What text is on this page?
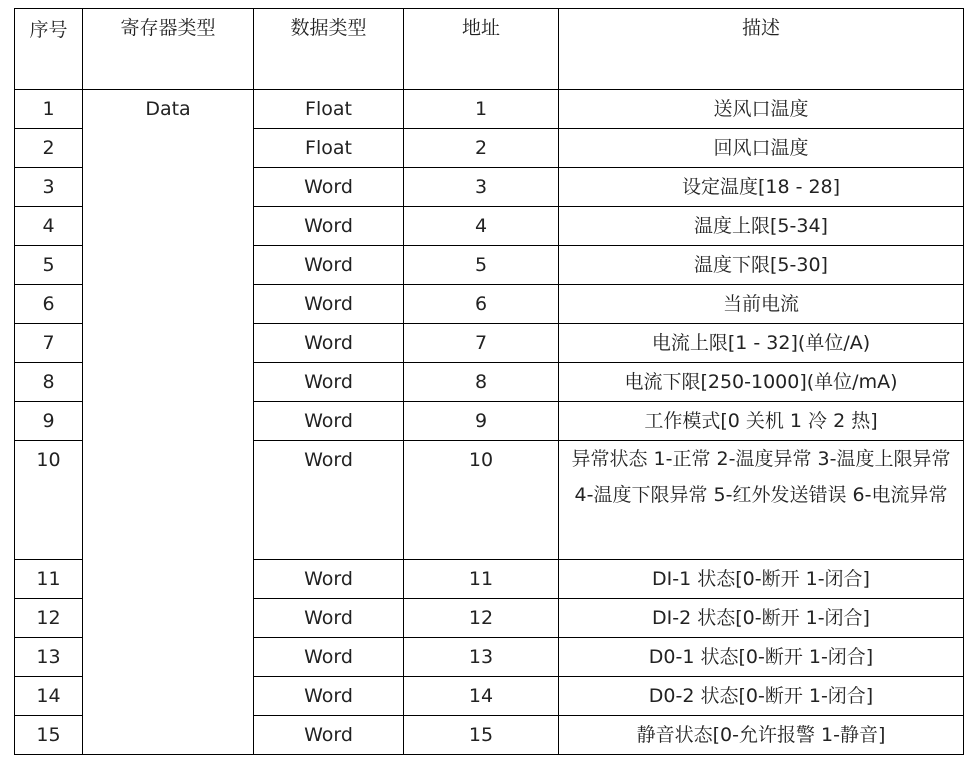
序号	寄存器类型	数据类型	地址	描述
1	Data	Float	1	送风口温度
2		Float	2	回风口温度
3		Word	3	设定温度[18 - 28]
4		Word	4	温度上限[5-34]
5		Word	5	温度下限[5-30]
6		Word	6	当前电流
7		Word	7	电流上限[1 - 32](单位/A)
8		Word	8	电流下限[250-1000](单位/mA)
9		Word	9	工作模式[0 关机 1 冷 2 热]
10		Word	10	异常状态 1-正常 2-温度异常 3-温度上限异常 4-温度下限异常 5-红外发送错误 6-电流异常
11		Word	11	DI-1 状态[0-断开 1-闭合]
12		Word	12	DI-2 状态[0-断开 1-闭合]
13		Word	13	D0-1 状态[0-断开 1-闭合]
14		Word	14	D0-2 状态[0-断开 1-闭合]
15		Word	15	静音状态[0-允许报警 1-静音]
